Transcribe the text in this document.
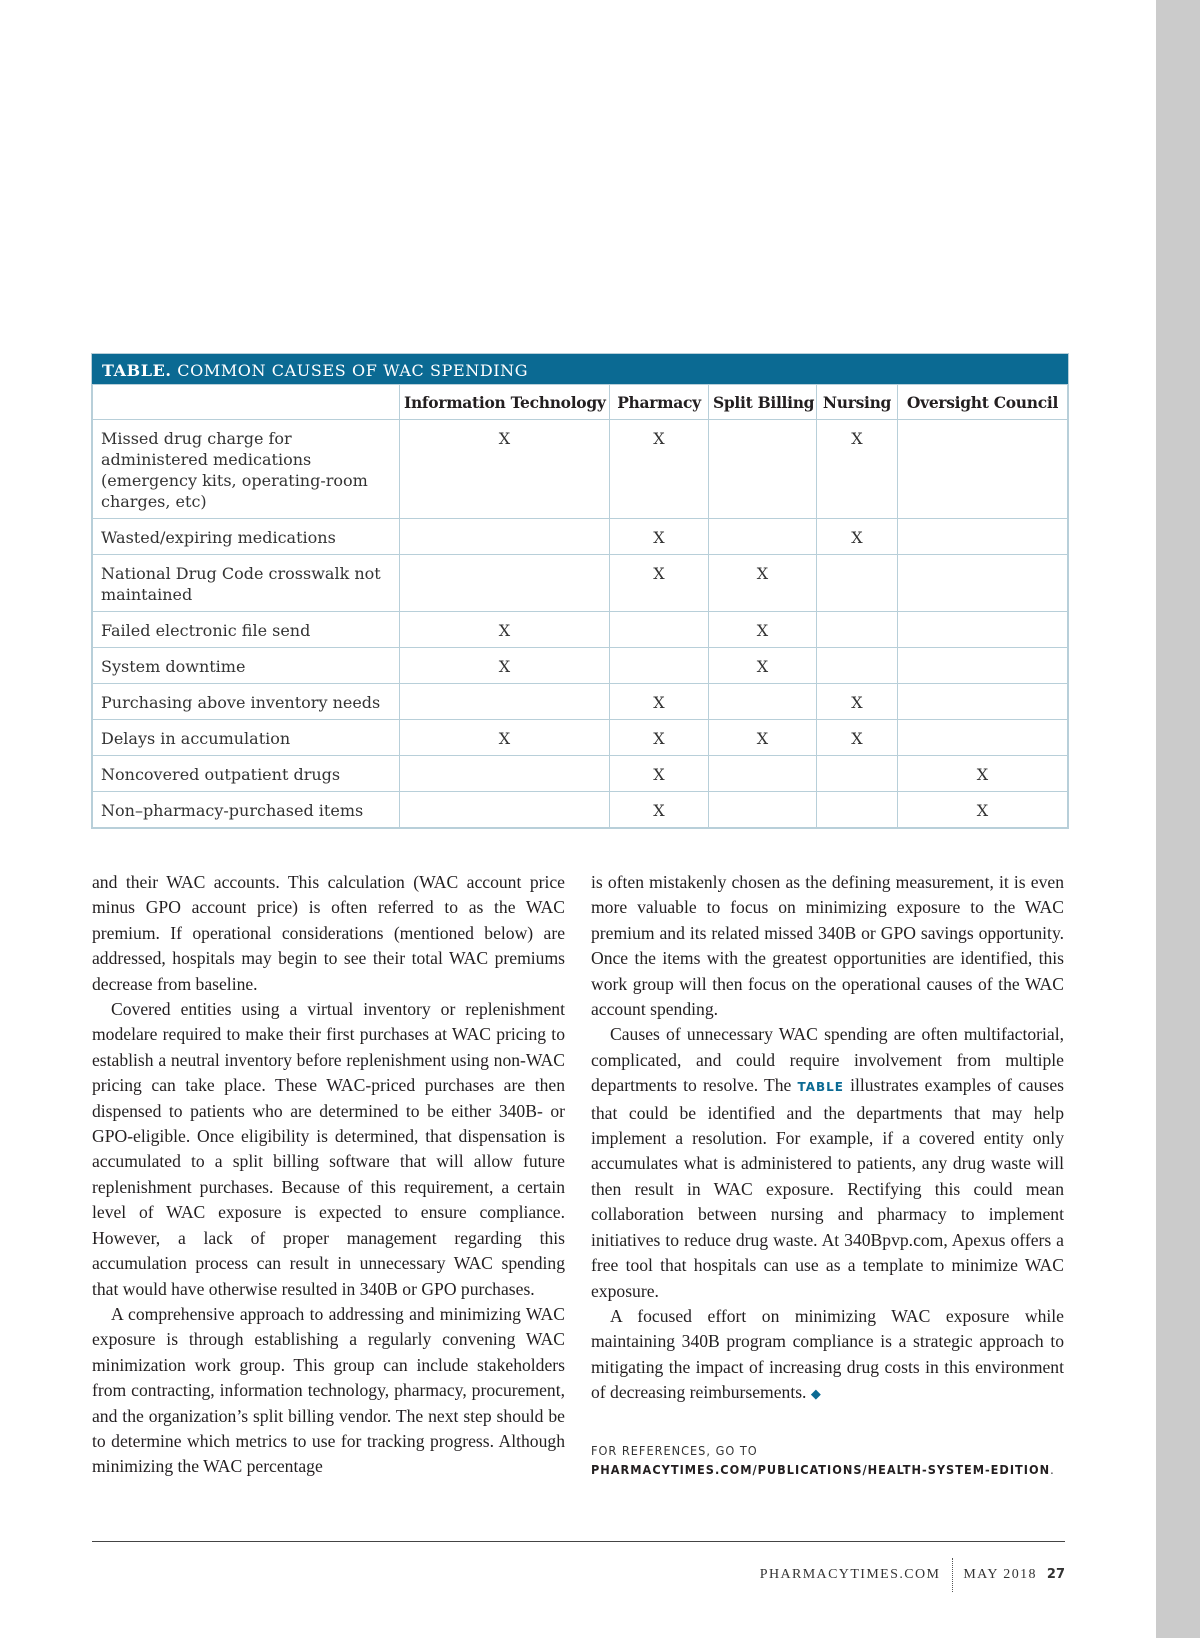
TABLE. COMMON CAUSES OF WAC SPENDING
	Information Technology	Pharmacy	Split Billing	Nursing	Oversight Council
Missed drug charge for administered medications (emergency kits, operating-room charges, etc)	X	X		X	
Wasted/expiring medications		X		X	
National Drug Code crosswalk not maintained		X	X		
Failed electronic file send	X		X		
System downtime	X		X		
Purchasing above inventory needs		X		X	
Delays in accumulation	X	X	X	X	
Noncovered outpatient drugs		X			X
Non–pharmacy-purchased items		X			X

and their WAC accounts. This calculation (WAC account price minus GPO account price) is often referred to as the WAC premium. If operational considerations (mentioned below) are addressed, hospitals may begin to see their total WAC premiums decrease from baseline.

Covered entities using a virtual inventory or replenishment modelare required to make their first purchases at WAC pricing to establish a neutral inventory before replenishment using non-WAC pricing can take place. These WAC-priced purchases are then dispensed to patients who are determined to be either 340B- or GPO-eligible. Once eligibility is determined, that dispensation is accumulated to a split billing software that will allow future replenishment purchases. Because of this requirement, a certain level of WAC exposure is expected to ensure compliance. However, a lack of proper management regarding this accumulation process can result in unnecessary WAC spending that would have otherwise resulted in 340B or GPO purchases.

A comprehensive approach to addressing and minimizing WAC exposure is through establishing a regularly convening WAC minimization work group. This group can include stakeholders from contracting, information technology, pharmacy, procurement, and the organization’s split billing vendor. The next step should be to determine which metrics to use for tracking progress. Although minimizing the WAC percentage

is often mistakenly chosen as the defining measurement, it is even more valuable to focus on minimizing exposure to the WAC premium and its related missed 340B or GPO savings opportunity. Once the items with the greatest opportunities are identified, this work group will then focus on the operational causes of the WAC account spending.

Causes of unnecessary WAC spending are often multifactorial, complicated, and could require involvement from multiple departments to resolve. The TABLE illustrates examples of causes that could be identified and the departments that may help implement a resolution. For example, if a covered entity only accumulates what is administered to patients, any drug waste will then result in WAC exposure. Rectifying this could mean collaboration between nursing and pharmacy to implement initiatives to reduce drug waste. At 340Bpvp.com, Apexus offers a free tool that hospitals can use as a template to minimize WAC exposure.

A focused effort on minimizing WAC exposure while maintaining 340B program compliance is a strategic approach to mitigating the impact of increasing drug costs in this environment of decreasing reimbursements. ◆

FOR REFERENCES, GO TO PHARMACYTIMES.COM/PUBLICATIONS/HEALTH-SYSTEM-EDITION.
PHARMACYTIMES.COM MAY 2018 27
